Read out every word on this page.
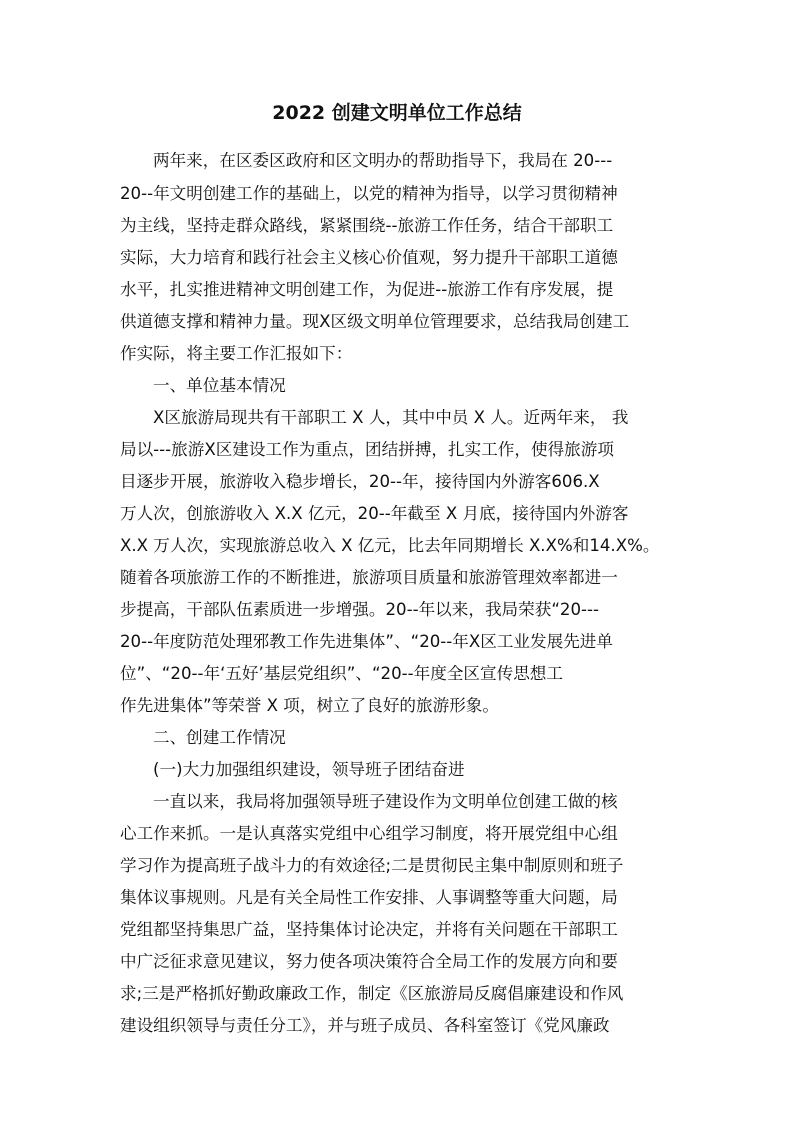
2022 创建文明单位工作总结

两年来，在区委区政府和区文明办的帮助指导下，我局在 20---

20--年文明创建工作的基础上，以党的精神为指导，以学习贯彻精神

为主线，坚持走群众路线，紧紧围绕--旅游工作任务，结合干部职工

实际，大力培育和践行社会主义核心价值观，努力提升干部职工道德

水平，扎实推进精神文明创建工作，为促进--旅游工作有序发展，提

供道德支撑和精神力量。现X区级文明单位管理要求，总结我局创建工

作实际，将主要工作汇报如下：

一、单位基本情况

X区旅游局现共有干部职工 X 人，其中中员 X 人。近两年来， 我

局以---旅游X区建设工作为重点，团结拼搏，扎实工作，使得旅游项

目逐步开展，旅游收入稳步增长，20--年，接待国内外游客606.X

万人次，创旅游收入 X.X 亿元，20--年截至 X 月底，接待国内外游客

X.X 万人次，实现旅游总收入 X 亿元，比去年同期增长 X.X%和14.X%。

随着各项旅游工作的不断推进，旅游项目质量和旅游管理效率都进一

步提高，干部队伍素质进一步增强。20--年以来，我局荣获“20---

20--年度防范处理邪教工作先进集体”、“20--年X区工业发展先进单

位”、“20--年‘五好’基层党组织”、“20--年度全区宣传思想工

作先进集体”等荣誉 X 项，树立了良好的旅游形象。

二、创建工作情况

(一)大力加强组织建设，领导班子团结奋进

一直以来，我局将加强领导班子建设作为文明单位创建工做的核

心工作来抓。一是认真落实党组中心组学习制度，将开展党组中心组

学习作为提高班子战斗力的有效途径;二是贯彻民主集中制原则和班子

集体议事规则。凡是有关全局性工作安排、人事调整等重大问题，局

党组都坚持集思广益，坚持集体讨论决定，并将有关问题在干部职工

中广泛征求意见建议，努力使各项决策符合全局工作的发展方向和要

求;三是严格抓好勤政廉政工作，制定《区旅游局反腐倡廉建设和作风

建设组织领导与责任分工》，并与班子成员、各科室签订《党风廉政
